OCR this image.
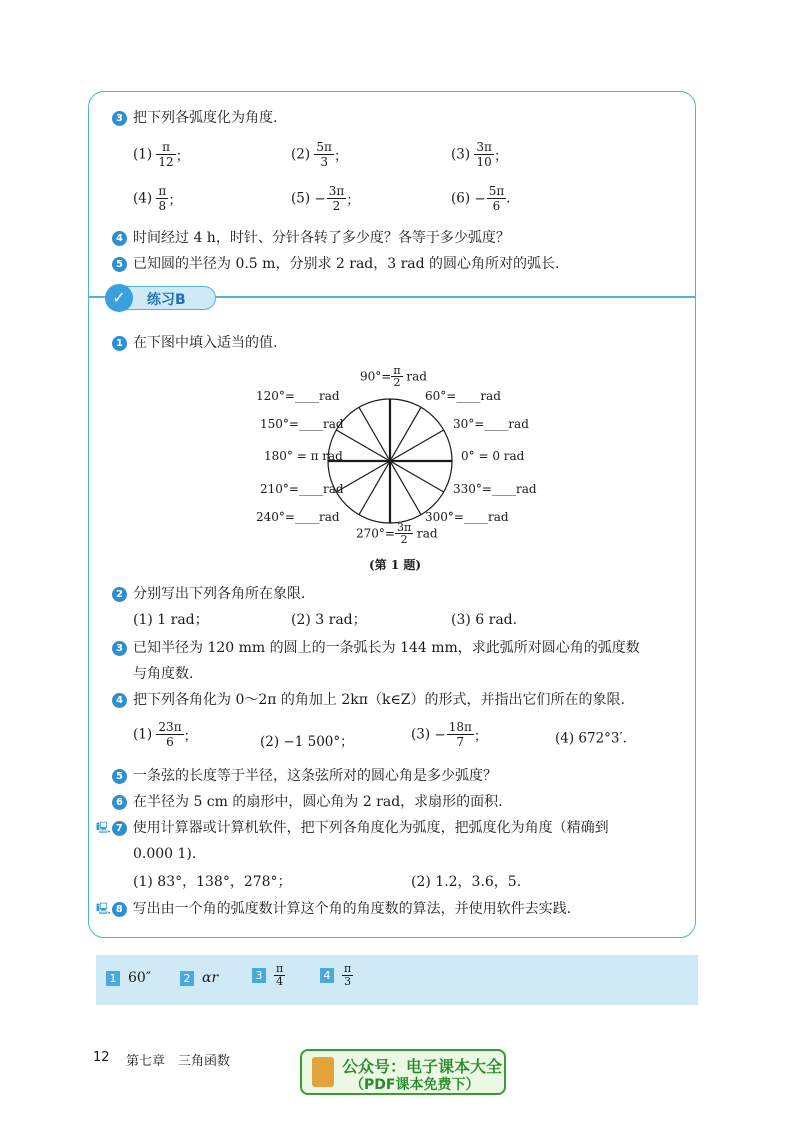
3 把下列各弧度化为角度.
$(1) \frac{\pi}{12}$ ；	$(2) \frac{5\pi}{3}$ ；	$(3) \frac{3\pi}{10}$ ；
$(4) \frac{\pi}{8}$ ；	$(5) - \frac{3\pi}{2}$ ；	$(6) - \frac{5\pi}{6}$ .
4 时间经过 4 h，时针、分针各转了多少度？各等于多少弧度？
5 已知圆的半径为 0.5 m，分别求 2 rad，3 rad 的圆心角所对的弧长.
✓	练习B
1 在下图中填入适当的值.
$90^\circ= \frac{\pi}{2}$ rad
120°=____rad	60°=____rad
150°=____rad	30°=____rad
180° = π rad	0° = 0 rad
210°=____rad	330°=____rad
240°=____rad	300°=____rad
$270^\circ= \frac{3\pi}{2}$ rad
(第 1 题)
2 分别写出下列各角所在象限.
(1) 1 rad；	(2) 3 rad；	(3) 6 rad.
3 已知半径为 120 mm 的圆上的一条弧长为 144 mm，求此弧所对圆心角的弧度数
与角度数.
4 把下列各角化为 0～2π 的角加上 2kπ（k∈Z）的形式，并指出它们所在的象限.
$(1) \frac{23\pi}{6}$ ；	(2) −1 500°；	$(3) - \frac{18\pi}{7}$ ；	(4) 672°3′.
5 一条弦的长度等于半径，这条弦所对的圆心角是多少弧度？
6 在半径为 5 cm 的扇形中，圆心角为 2 rad，求扇形的面积.
🖳 7 使用计算器或计算机软件，把下列各角度化为弧度，把弧度化为角度（精确到
0.000 1).
(1) 83°，138°，278°；	(2) 1.2，3.6，5.
🖳 8 写出由一个角的弧度数计算这个角的角度数的算法，并使用软件去实践.
1 60″	2 αr	$3 \frac{\pi}{4}$	$4 \frac{\pi}{3}$
12 第七章　三角函数	公众号：电子课本大全
（PDF课本免费下）
